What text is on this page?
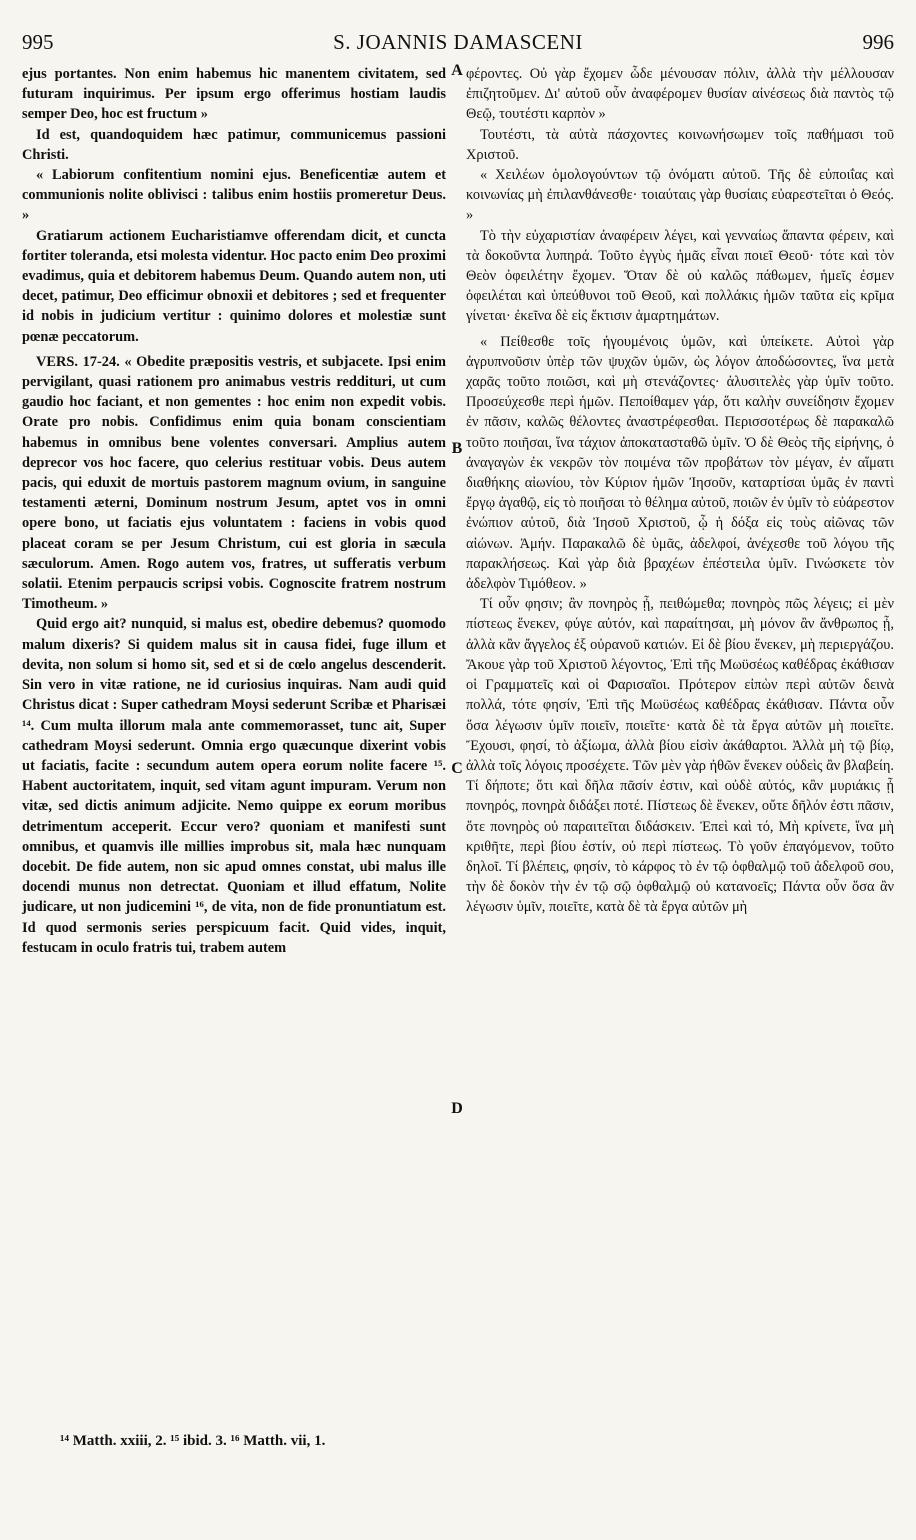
995	S. JOANNIS DAMASCENI	996

ejus portantes. Non enim habemus hic manentem civitatem, sed futuram inquirimus. Per ipsum ergo offerimus hostiam laudis semper Deo, hoc est fructum »

Id est, quandoquidem hæc patimur, communicemus passioni Christi.

« Labiorum confitentium nomini ejus. Beneficentiæ autem et communionis nolite oblivisci : talibus enim hostiis promeretur Deus. »

Gratiarum actionem Eucharistiamve offerendam dicit, et cuncta fortiter toleranda, etsi molesta videntur. Hoc pacto enim Deo proximi evadimus, quia et debitorem habemus Deum. Quando autem non, uti decet, patimur, Deo efficimur obnoxii et debitores ; sed et frequenter id nobis in judicium vertitur : quinimo dolores et molestiæ sunt pœnæ peccatorum.

VERS. 17-24. « Obedite præpositis vestris, et subjacete. Ipsi enim pervigilant, quasi rationem pro animabus vestris reddituri, ut cum gaudio hoc faciant, et non gementes : hoc enim non expedit vobis. Orate pro nobis. Confidimus enim quia bonam conscientiam habemus in omnibus bene volentes conversari. Amplius autem deprecor vos hoc facere, quo celerius restituar vobis. Deus autem pacis, qui eduxit de mortuis pastorem magnum ovium, in sanguine testamenti æterni, Dominum nostrum Jesum, aptet vos in omni opere bono, ut faciatis ejus voluntatem : faciens in vobis quod placeat coram se per Jesum Christum, cui est gloria in sæcula sæculorum. Amen. Rogo autem vos, fratres, ut sufferatis verbum solatii. Etenim perpaucis scripsi vobis. Cognoscite fratrem nostrum Timotheum. »

Quid ergo ait? nunquid, si malus est, obedire debemus? quomodo malum dixeris? Si quidem malus sit in causa fidei, fuge illum et devita, non solum si homo sit, sed et si de cœlo angelus descenderit. Sin vero in vitæ ratione, ne id curiosius inquiras. Nam audi quid Christus dicat : Super cathedram Moysi sederunt Scribæ et Pharisæi ¹⁴. Cum multa illorum mala ante commemorasset, tunc ait, Super cathedram Moysi sederunt. Omnia ergo quæcunque dixerint vobis ut faciatis, facite : secundum autem opera eorum nolite facere ¹⁵. Habent auctoritatem, inquit, sed vitam agunt impuram. Verum non vitæ, sed dictis animum adjicite. Nemo quippe ex eorum moribus detrimentum acceperit. Eccur vero? quoniam et manifesti sunt omnibus, et quamvis ille millies improbus sit, mala hæc nunquam docebit. De fide autem, non sic apud omnes constat, ubi malus ille docendi munus non detrectat. Quoniam et illud effatum, Nolite judicare, ut non judicemini ¹⁶, de vita, non de fide pronuntiatum est. Id quod sermonis series perspicuum facit. Quid vides, inquit, festucam in oculo fratris tui, trabem autem

A
B
C
D

φέροντες. Οὐ γὰρ ἔχομεν ὧδε μένουσαν πόλιν, ἀλλὰ τὴν μέλλουσαν ἐπιζητοῦμεν. Δι' αὐτοῦ οὖν ἀναφέρομεν θυσίαν αἰνέσεως διὰ παντὸς τῷ Θεῷ, τουτέστι καρπὸν »

Τουτέστι, τὰ αὐτὰ πάσχοντες κοινωνήσωμεν τοῖς παθήμασι τοῦ Χριστοῦ.

« Χειλέων ὁμολογούντων τῷ ὀνόματι αὐτοῦ. Τῆς δὲ εὐποιΐας καὶ κοινωνίας μὴ ἐπιλανθάνεσθε· τοιαύταις γὰρ θυσίαις εὐαρεστεῖται ὁ Θεός. »

Τὸ τὴν εὐχαριστίαν ἀναφέρειν λέγει, καὶ γενναίως ἅπαντα φέρειν, καὶ τὰ δοκοῦντα λυπηρά. Τοῦτο ἐγγὺς ἡμᾶς εἶναι ποιεῖ Θεοῦ· τότε καὶ τὸν Θεὸν ὀφειλέτην ἔχομεν. Ὅταν δὲ οὐ καλῶς πάθωμεν, ἡμεῖς ἐσμεν ὀφειλέται καὶ ὑπεύθυνοι τοῦ Θεοῦ, καὶ πολλάκις ἡμῶν ταῦτα εἰς κρῖμα γίνεται· ἐκεῖνα δὲ εἰς ἔκτισιν ἁμαρτημάτων.

« Πείθεσθε τοῖς ἡγουμένοις ὑμῶν, καὶ ὑπείκετε. Αὐτοὶ γὰρ ἀγρυπνοῦσιν ὑπὲρ τῶν ψυχῶν ὑμῶν, ὡς λόγον ἀποδώσοντες, ἵνα μετὰ χαρᾶς τοῦτο ποιῶσι, καὶ μὴ στενάζοντες· ἀλυσιτελὲς γὰρ ὑμῖν τοῦτο. Προσεύχεσθε περὶ ἡμῶν. Πεποίθαμεν γάρ, ὅτι καλὴν συνείδησιν ἔχομεν ἐν πᾶσιν, καλῶς θέλοντες ἀναστρέφεσθαι. Περισσοτέρως δὲ παρακαλῶ τοῦτο ποιῆσαι, ἵνα τάχιον ἀποκατασταθῶ ὑμῖν. Ὁ δὲ Θεὸς τῆς εἰρήνης, ὁ ἀναγαγὼν ἐκ νεκρῶν τὸν ποιμένα τῶν προβάτων τὸν μέγαν, ἐν αἵματι διαθήκης αἰωνίου, τὸν Κύριον ἡμῶν Ἰησοῦν, καταρτίσαι ὑμᾶς ἐν παντὶ ἔργῳ ἀγαθῷ, εἰς τὸ ποιῆσαι τὸ θέλημα αὐτοῦ, ποιῶν ἐν ὑμῖν τὸ εὐάρεστον ἐνώπιον αὐτοῦ, διὰ Ἰησοῦ Χριστοῦ, ᾧ ἡ δόξα εἰς τοὺς αἰῶνας τῶν αἰώνων. Ἀμήν. Παρακαλῶ δὲ ὑμᾶς, ἀδελφοί, ἀνέχεσθε τοῦ λόγου τῆς παρακλήσεως. Καὶ γὰρ διὰ βραχέων ἐπέστειλα ὑμῖν. Γινώσκετε τὸν ἀδελφὸν Τιμόθεον. »

Τί οὖν φησιν; ἂν πονηρὸς ᾖ, πειθώμεθα; πονηρὸς πῶς λέγεις; εἰ μὲν πίστεως ἕνεκεν, φύγε αὐτόν, καὶ παραίτησαι, μὴ μόνον ἂν ἄνθρωπος ᾖ, ἀλλὰ κἂν ἄγγελος ἐξ οὐρανοῦ κατιών. Εἰ δὲ βίου ἕνεκεν, μὴ περιεργάζου. Ἄκουε γὰρ τοῦ Χριστοῦ λέγοντος, Ἐπὶ τῆς Μωϋσέως καθέδρας ἐκάθισαν οἱ Γραμματεῖς καὶ οἱ Φαρισαῖοι. Πρότερον εἰπὼν περὶ αὐτῶν δεινὰ πολλά, τότε φησίν, Ἐπὶ τῆς Μωϋσέως καθέδρας ἐκάθισαν. Πάντα οὖν ὅσα λέγωσιν ὑμῖν ποιεῖν, ποιεῖτε· κατὰ δὲ τὰ ἔργα αὐτῶν μὴ ποιεῖτε. Ἔχουσι, φησί, τὸ ἀξίωμα, ἀλλὰ βίου εἰσὶν ἀκάθαρτοι. Ἀλλὰ μὴ τῷ βίῳ, ἀλλὰ τοῖς λόγοις προσέχετε. Τῶν μὲν γὰρ ἠθῶν ἕνεκεν οὐδεὶς ἂν βλαβείη. Τί δήποτε; ὅτι καὶ δῆλα πᾶσίν ἐστιν, καὶ οὐδὲ αὐτός, κἂν μυριάκις ᾖ πονηρός, πονηρὰ διδάξει ποτέ. Πίστεως δὲ ἕνεκεν, οὔτε δῆλόν ἐστι πᾶσιν, ὅτε πονηρὸς οὐ παραιτεῖται διδάσκειν. Ἐπεὶ καὶ τό, Μὴ κρίνετε, ἵνα μὴ κριθῆτε, περὶ βίου ἐστίν, οὐ περὶ πίστεως. Τὸ γοῦν ἐπαγόμενον, τοῦτο δηλοῖ. Τί βλέπεις, φησίν, τὸ κάρφος τὸ ἐν τῷ ὀφθαλμῷ τοῦ ἀδελφοῦ σου, τὴν δὲ δοκὸν τὴν ἐν τῷ σῷ ὀφθαλμῷ οὐ κατανοεῖς; Πάντα οὖν ὅσα ἂν λέγωσιν ὑμῖν, ποιεῖτε, κατὰ δὲ τὰ ἔργα αὐτῶν μὴ

¹⁴ Matth. xxiii, 2. ¹⁵ ibid. 3. ¹⁶ Matth. vii, 1.
